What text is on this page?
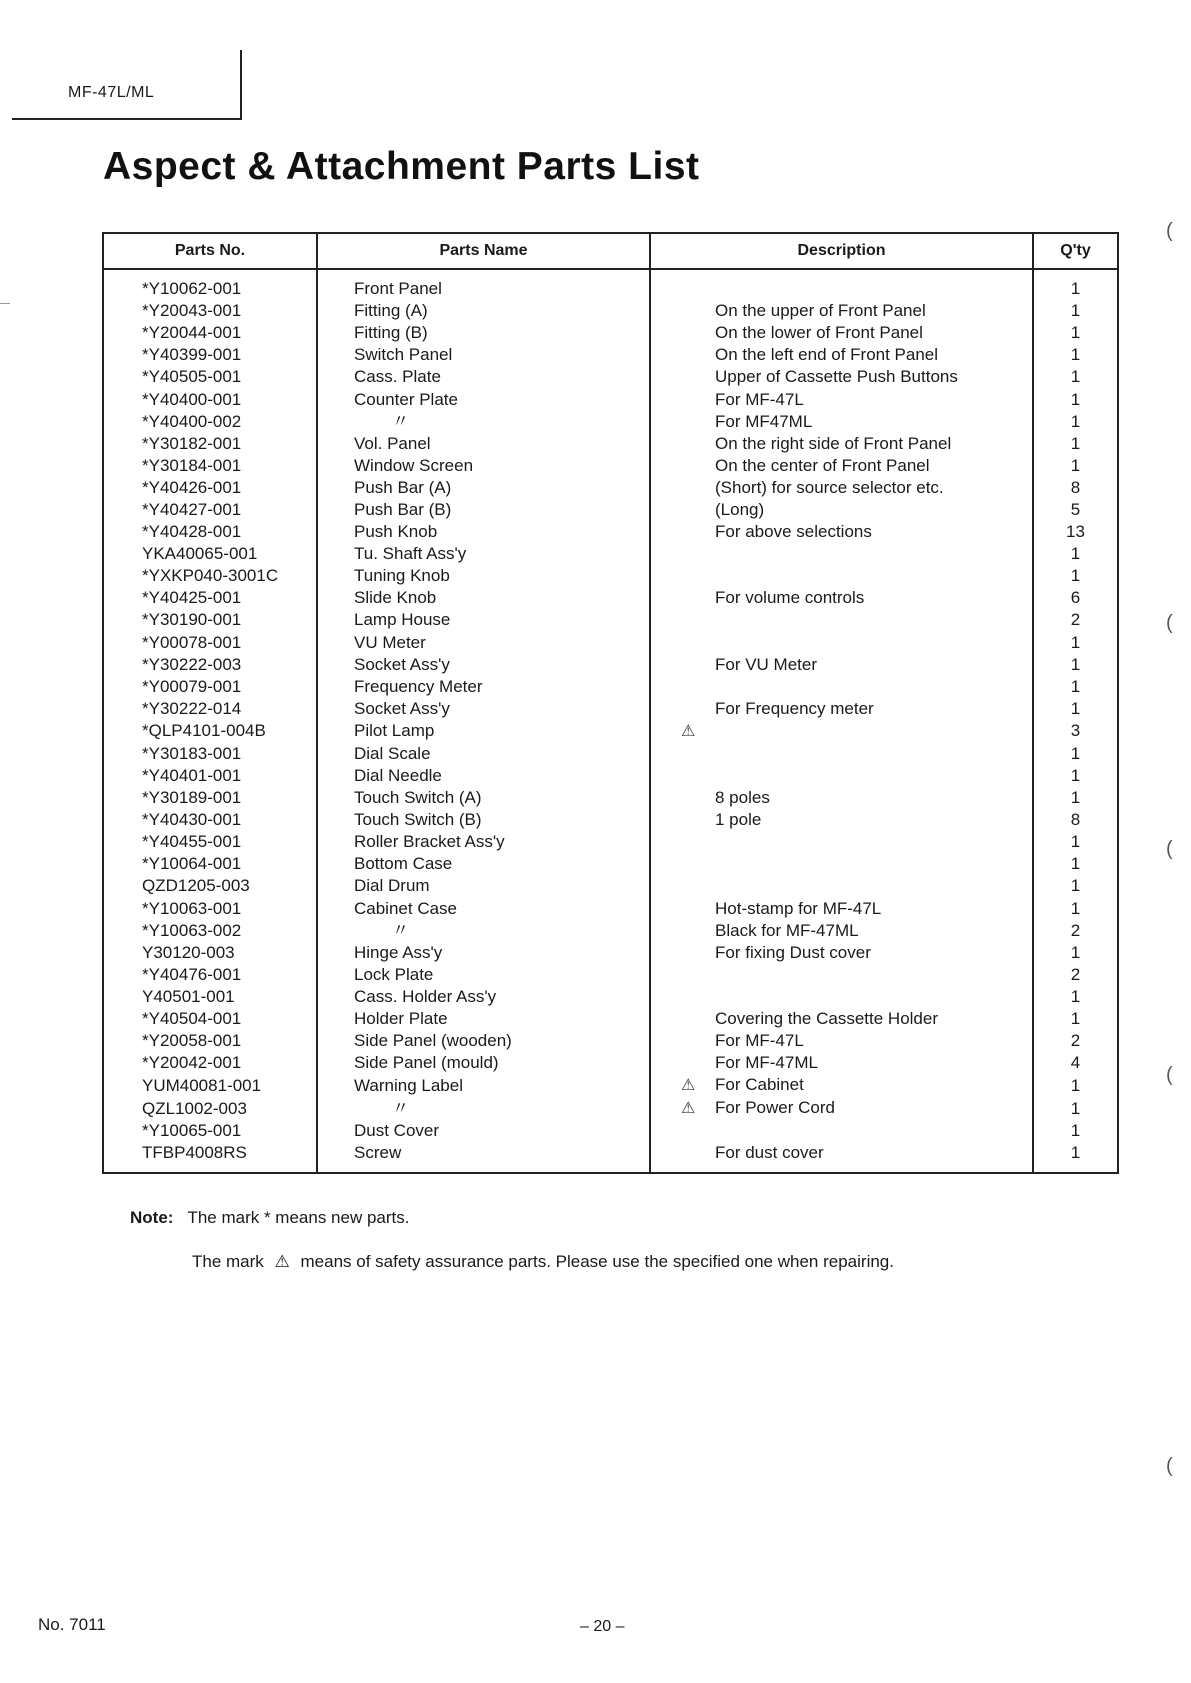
MF-47L/ML
Aspect & Attachment Parts List
Parts No.	Parts Name	Description	Q'ty
*Y10062-001	Front Panel		1
*Y20043-001	Fitting (A)	On the upper of Front Panel	1
*Y20044-001	Fitting (B)	On the lower of Front Panel	1
*Y40399-001	Switch Panel	On the left end of Front Panel	1
*Y40505-001	Cass. Plate	Upper of Cassette Push Buttons	1
*Y40400-001	Counter Plate	For MF-47L	1
*Y40400-002	〃	For MF47ML	1
*Y30182-001	Vol. Panel	On the right side of Front Panel	1
*Y30184-001	Window Screen	On the center of Front Panel	1
*Y40426-001	Push Bar (A)	(Short) for source selector etc.	8
*Y40427-001	Push Bar (B)	(Long)	5
*Y40428-001	Push Knob	For above selections	13
YKA40065-001	Tu. Shaft Ass'y		1
*YXKP040-3001C	Tuning Knob		1
*Y40425-001	Slide Knob	For volume controls	6
*Y30190-001	Lamp House		2
*Y00078-001	VU Meter		1
*Y30222-003	Socket Ass'y	For VU Meter	1
*Y00079-001	Frequency Meter		1
*Y30222-014	Socket Ass'y	For Frequency meter	1
*QLP4101-004B	Pilot Lamp	⚠	3
*Y30183-001	Dial Scale		1
*Y40401-001	Dial Needle		1
*Y30189-001	Touch Switch (A)	8 poles	1
*Y40430-001	Touch Switch (B)	1 pole	8
*Y40455-001	Roller Bracket Ass'y		1
*Y10064-001	Bottom Case		1
QZD1205-003	Dial Drum		1
*Y10063-001	Cabinet Case	Hot-stamp for MF-47L	1
*Y10063-002	〃	Black for MF-47ML	2
Y30120-003	Hinge Ass'y	For fixing Dust cover	1
*Y40476-001	Lock Plate		2
Y40501-001	Cass. Holder Ass'y		1
*Y40504-001	Holder Plate	Covering the Cassette Holder	1
*Y20058-001	Side Panel (wooden)	For MF-47L	2
*Y20042-001	Side Panel (mould)	For MF-47ML	4
YUM40081-001	Warning Label	⚠ For Cabinet	1
QZL1002-003	〃	⚠ For Power Cord	1
*Y10065-001	Dust Cover		1
TFBP4008RS	Screw	For dust cover	1
Note: The mark * means new parts.
The mark ⚠ means of safety assurance parts. Please use the specified one when repairing.
No. 7011	– 20 –
(
(
(
(
(
